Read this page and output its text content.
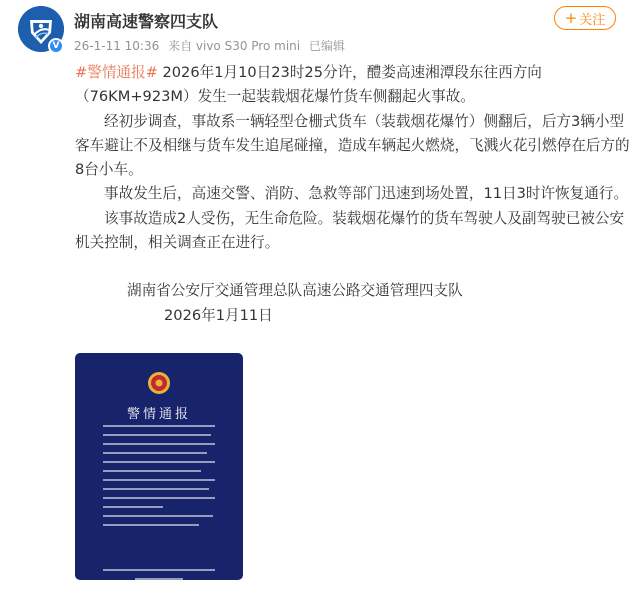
V
湖南高速警察四支队
26-1-11 10:36 来自 vivo S30 Pro mini 已编辑
+ 关注

#警情通报# 2026年1月10日23时25分许，醴娄高速湘潭段东往西方向（76KM+923M）发生一起装载烟花爆竹货车侧翻起火事故。

经初步调查，事故系一辆轻型仓栅式货车（装载烟花爆竹）侧翻后，后方3辆小型客车避让不及相继与货车发生追尾碰撞，造成车辆起火燃烧，飞溅火花引燃停在后方的8台小车。

事故发生后，高速交警、消防、急救等部门迅速到场处置，11日3时许恢复通行。

该事故造成2人受伤，无生命危险。装载烟花爆竹的货车驾驶人及副驾驶已被公安机关控制，相关调查正在进行。

湖南省公安厅交通管理总队高速公路交通管理四支队

2026年1月11日

警情通报
